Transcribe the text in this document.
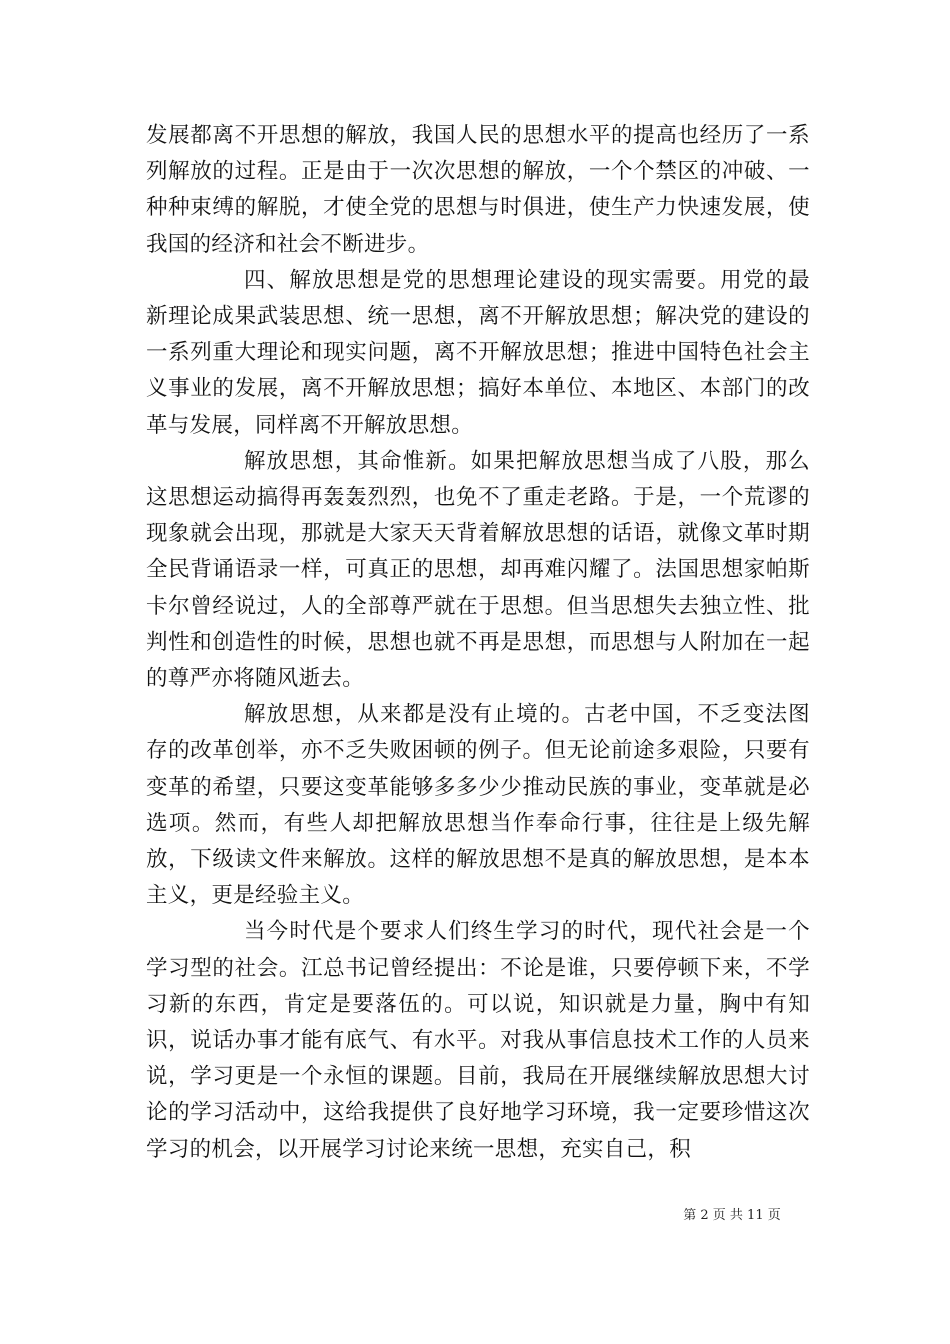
发展都离不开思想的解放，我国人民的思想水平的提高也经历了一系列解放的过程。正是由于一次次思想的解放，一个个禁区的冲破、一种种束缚的解脱，才使全党的思想与时俱进，使生产力快速发展，使我国的经济和社会不断进步。

四、解放思想是党的思想理论建设的现实需要。用党的最新理论成果武装思想、统一思想，离不开解放思想；解决党的建设的一系列重大理论和现实问题，离不开解放思想；推进中国特色社会主义事业的发展，离不开解放思想；搞好本单位、本地区、本部门的改革与发展，同样离不开解放思想。

解放思想，其命惟新。如果把解放思想当成了八股，那么这思想运动搞得再轰轰烈烈，也免不了重走老路。于是，一个荒谬的现象就会出现，那就是大家天天背着解放思想的话语，就像文革时期全民背诵语录一样，可真正的思想，却再难闪耀了。法国思想家帕斯卡尔曾经说过，人的全部尊严就在于思想。但当思想失去独立性、批判性和创造性的时候，思想也就不再是思想，而思想与人附加在一起的尊严亦将随风逝去。

解放思想，从来都是没有止境的。古老中国，不乏变法图存的改革创举，亦不乏失败困顿的例子。但无论前途多艰险，只要有变革的希望，只要这变革能够多多少少推动民族的事业，变革就是必选项。然而，有些人却把解放思想当作奉命行事，往往是上级先解放，下级读文件来解放。这样的解放思想不是真的解放思想，是本本主义，更是经验主义。

当今时代是个要求人们终生学习的时代，现代社会是一个学习型的社会。江总书记曾经提出：不论是谁，只要停顿下来，不学习新的东西，肯定是要落伍的。可以说，知识就是力量，胸中有知识，说话办事才能有底气、有水平。对我从事信息技术工作的人员来说，学习更是一个永恒的课题。目前，我局在开展继续解放思想大讨论的学习活动中，这给我提供了良好地学习环境，我一定要珍惜这次学习的机会，以开展学习讨论来统一思想，充实自己，积

第 2 页 共 11 页
